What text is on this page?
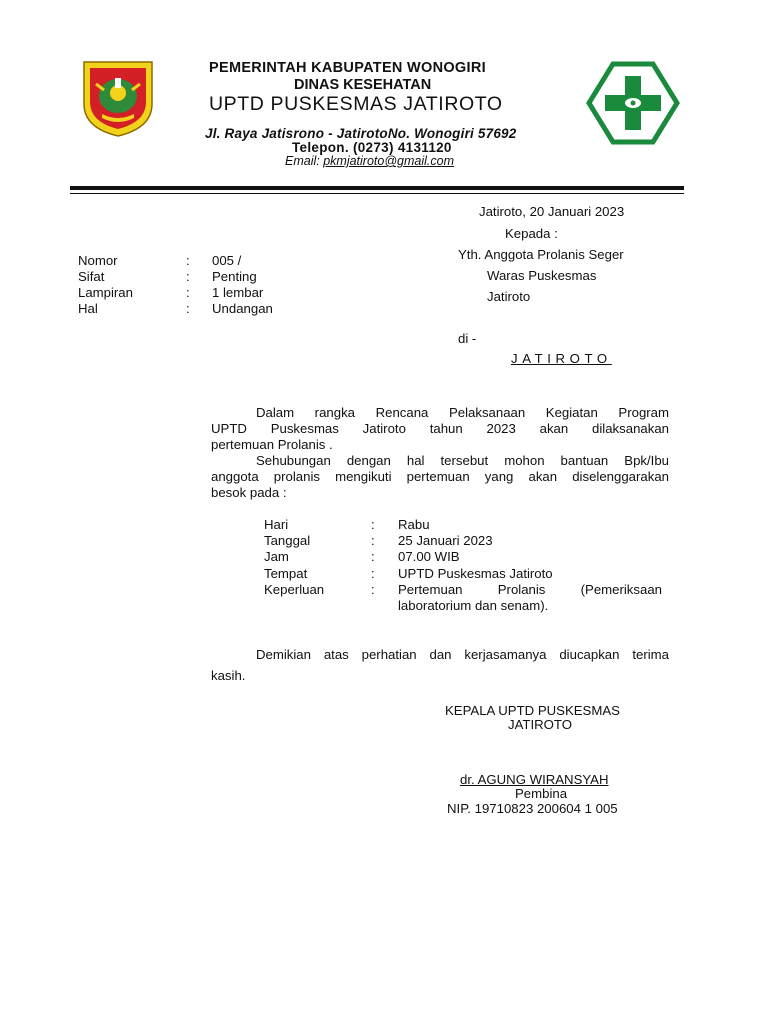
PEMERINTAH KABUPATEN WONOGIRI
DINAS KESEHATAN
UPTD PUSKESMAS JATIROTO
Jl. Raya Jatisrono - JatirotoNo. Wonogiri 57692
Telepon. (0273) 4131120
Email: pkmjatiroto@gmail.com
Jatiroto, 20 Januari 2023
Kepada :
Yth. Anggota Prolanis Seger
Waras Puskesmas
Jatiroto
di -
JATIROTO
Nomor	: 005 /
Sifat	: Penting
Lampiran	: 1 lembar
Hal	: Undangan
Dalam rangka Rencana Pelaksanaan Kegiatan Program
UPTD Puskesmas Jatiroto tahun 2023 akan dilaksanakan
pertemuan Prolanis .
Sehubungan dengan hal tersebut mohon bantuan Bpk/Ibu
anggota prolanis mengikuti pertemuan yang akan diselenggarakan
besok pada :
Hari	: Rabu
Tanggal	: 25 Januari 2023
Jam	: 07.00 WIB
Tempat	: UPTD Puskesmas Jatiroto
Keperluan	: Pertemuan Prolanis (Pemeriksaan
laboratorium dan senam).
Demikian atas perhatian dan kerjasamanya diucapkan terima
kasih.
KEPALA UPTD PUSKESMAS
JATIROTO
dr. AGUNG WIRANSYAH
Pembina
NIP. 19710823 200604 1 005
